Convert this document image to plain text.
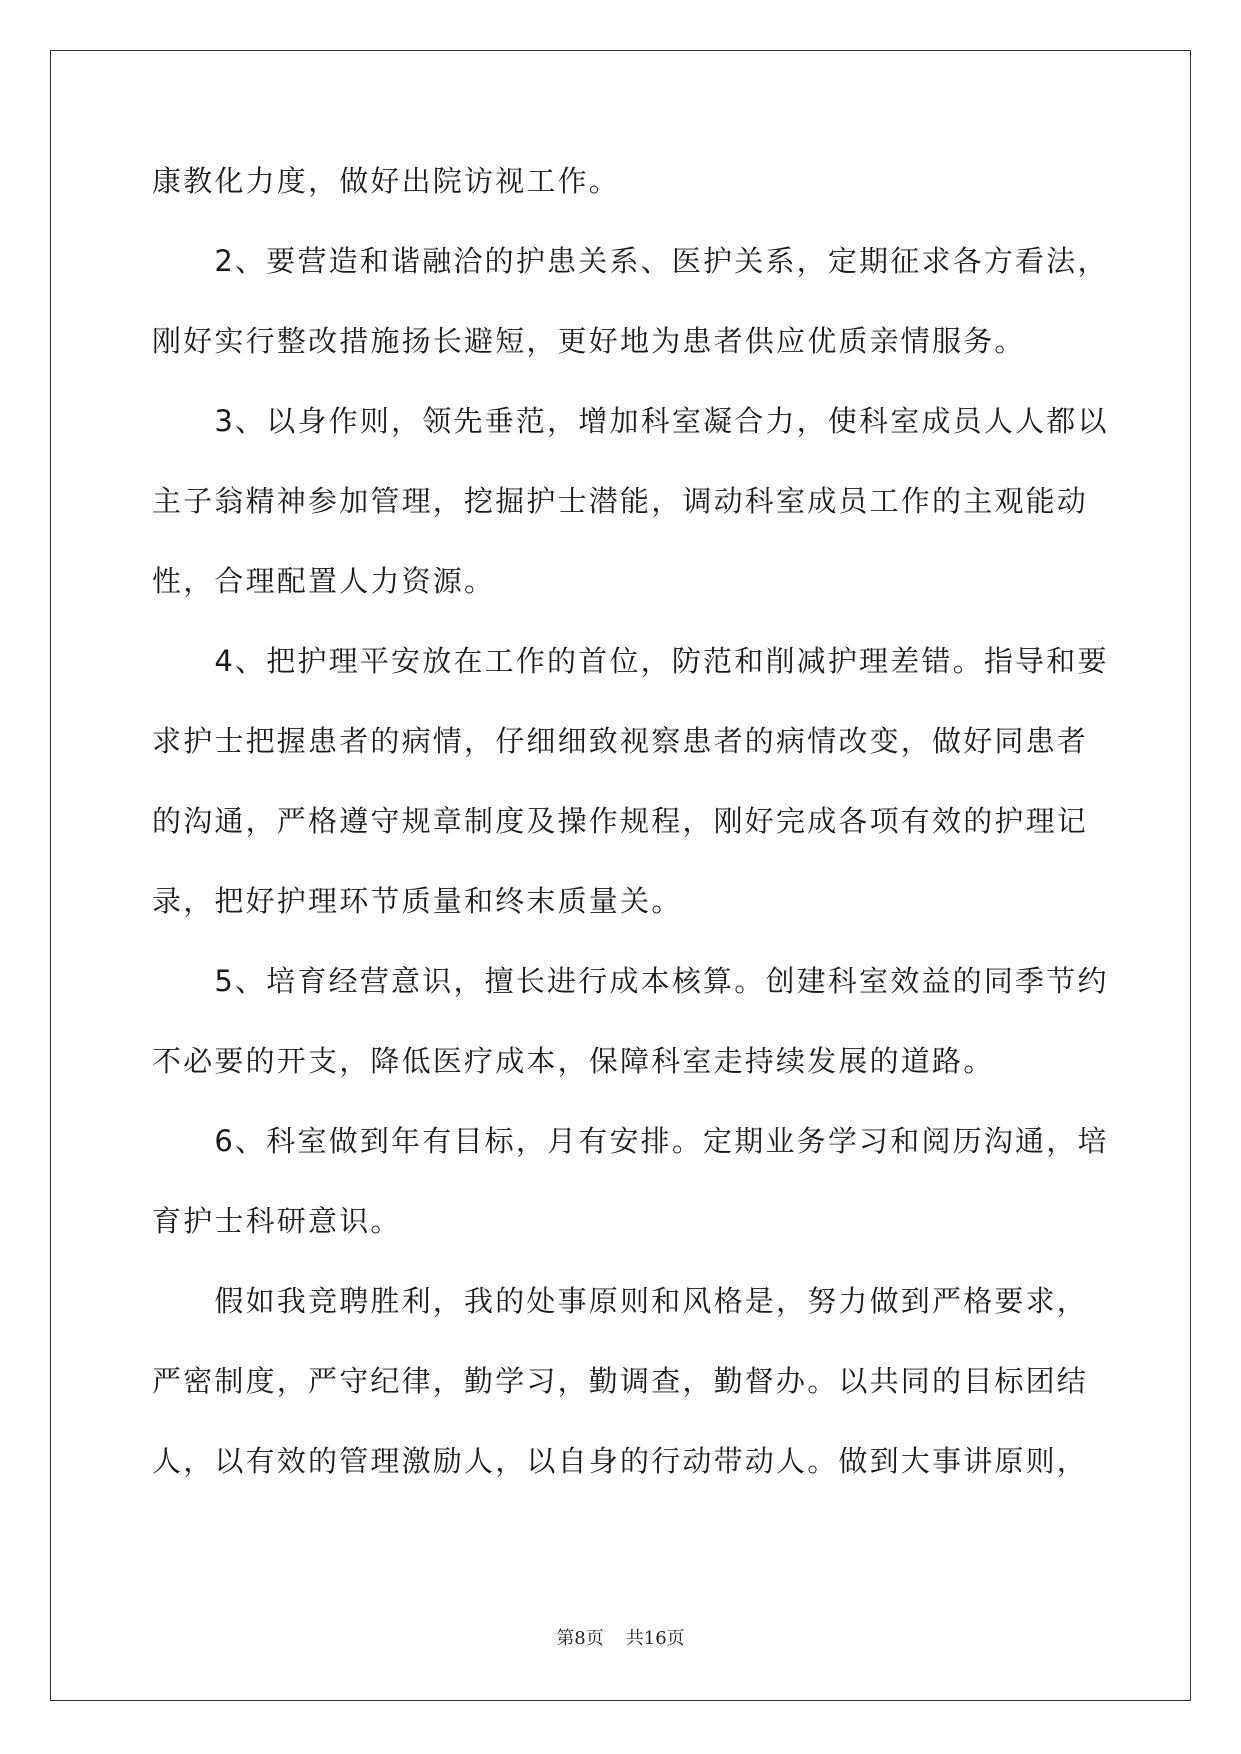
康教化力度，做好出院访视工作。
　　2、要营造和谐融洽的护患关系、医护关系，定期征求各方看法，
刚好实行整改措施扬长避短，更好地为患者供应优质亲情服务。
　　3、以身作则，领先垂范，增加科室凝合力，使科室成员人人都以
主子翁精神参加管理，挖掘护士潜能，调动科室成员工作的主观能动
性，合理配置人力资源。
　　4、把护理平安放在工作的首位，防范和削减护理差错。指导和要
求护士把握患者的病情，仔细细致视察患者的病情改变，做好同患者
的沟通，严格遵守规章制度及操作规程，刚好完成各项有效的护理记
录，把好护理环节质量和终末质量关。
　　5、培育经营意识，擅长进行成本核算。创建科室效益的同季节约
不必要的开支，降低医疗成本，保障科室走持续发展的道路。
　　6、科室做到年有目标，月有安排。定期业务学习和阅历沟通，培
育护士科研意识。
　　假如我竞聘胜利，我的处事原则和风格是，努力做到严格要求，
严密制度，严守纪律，勤学习，勤调查，勤督办。以共同的目标团结
人，以有效的管理激励人，以自身的行动带动人。做到大事讲原则，
第8页 共16页
